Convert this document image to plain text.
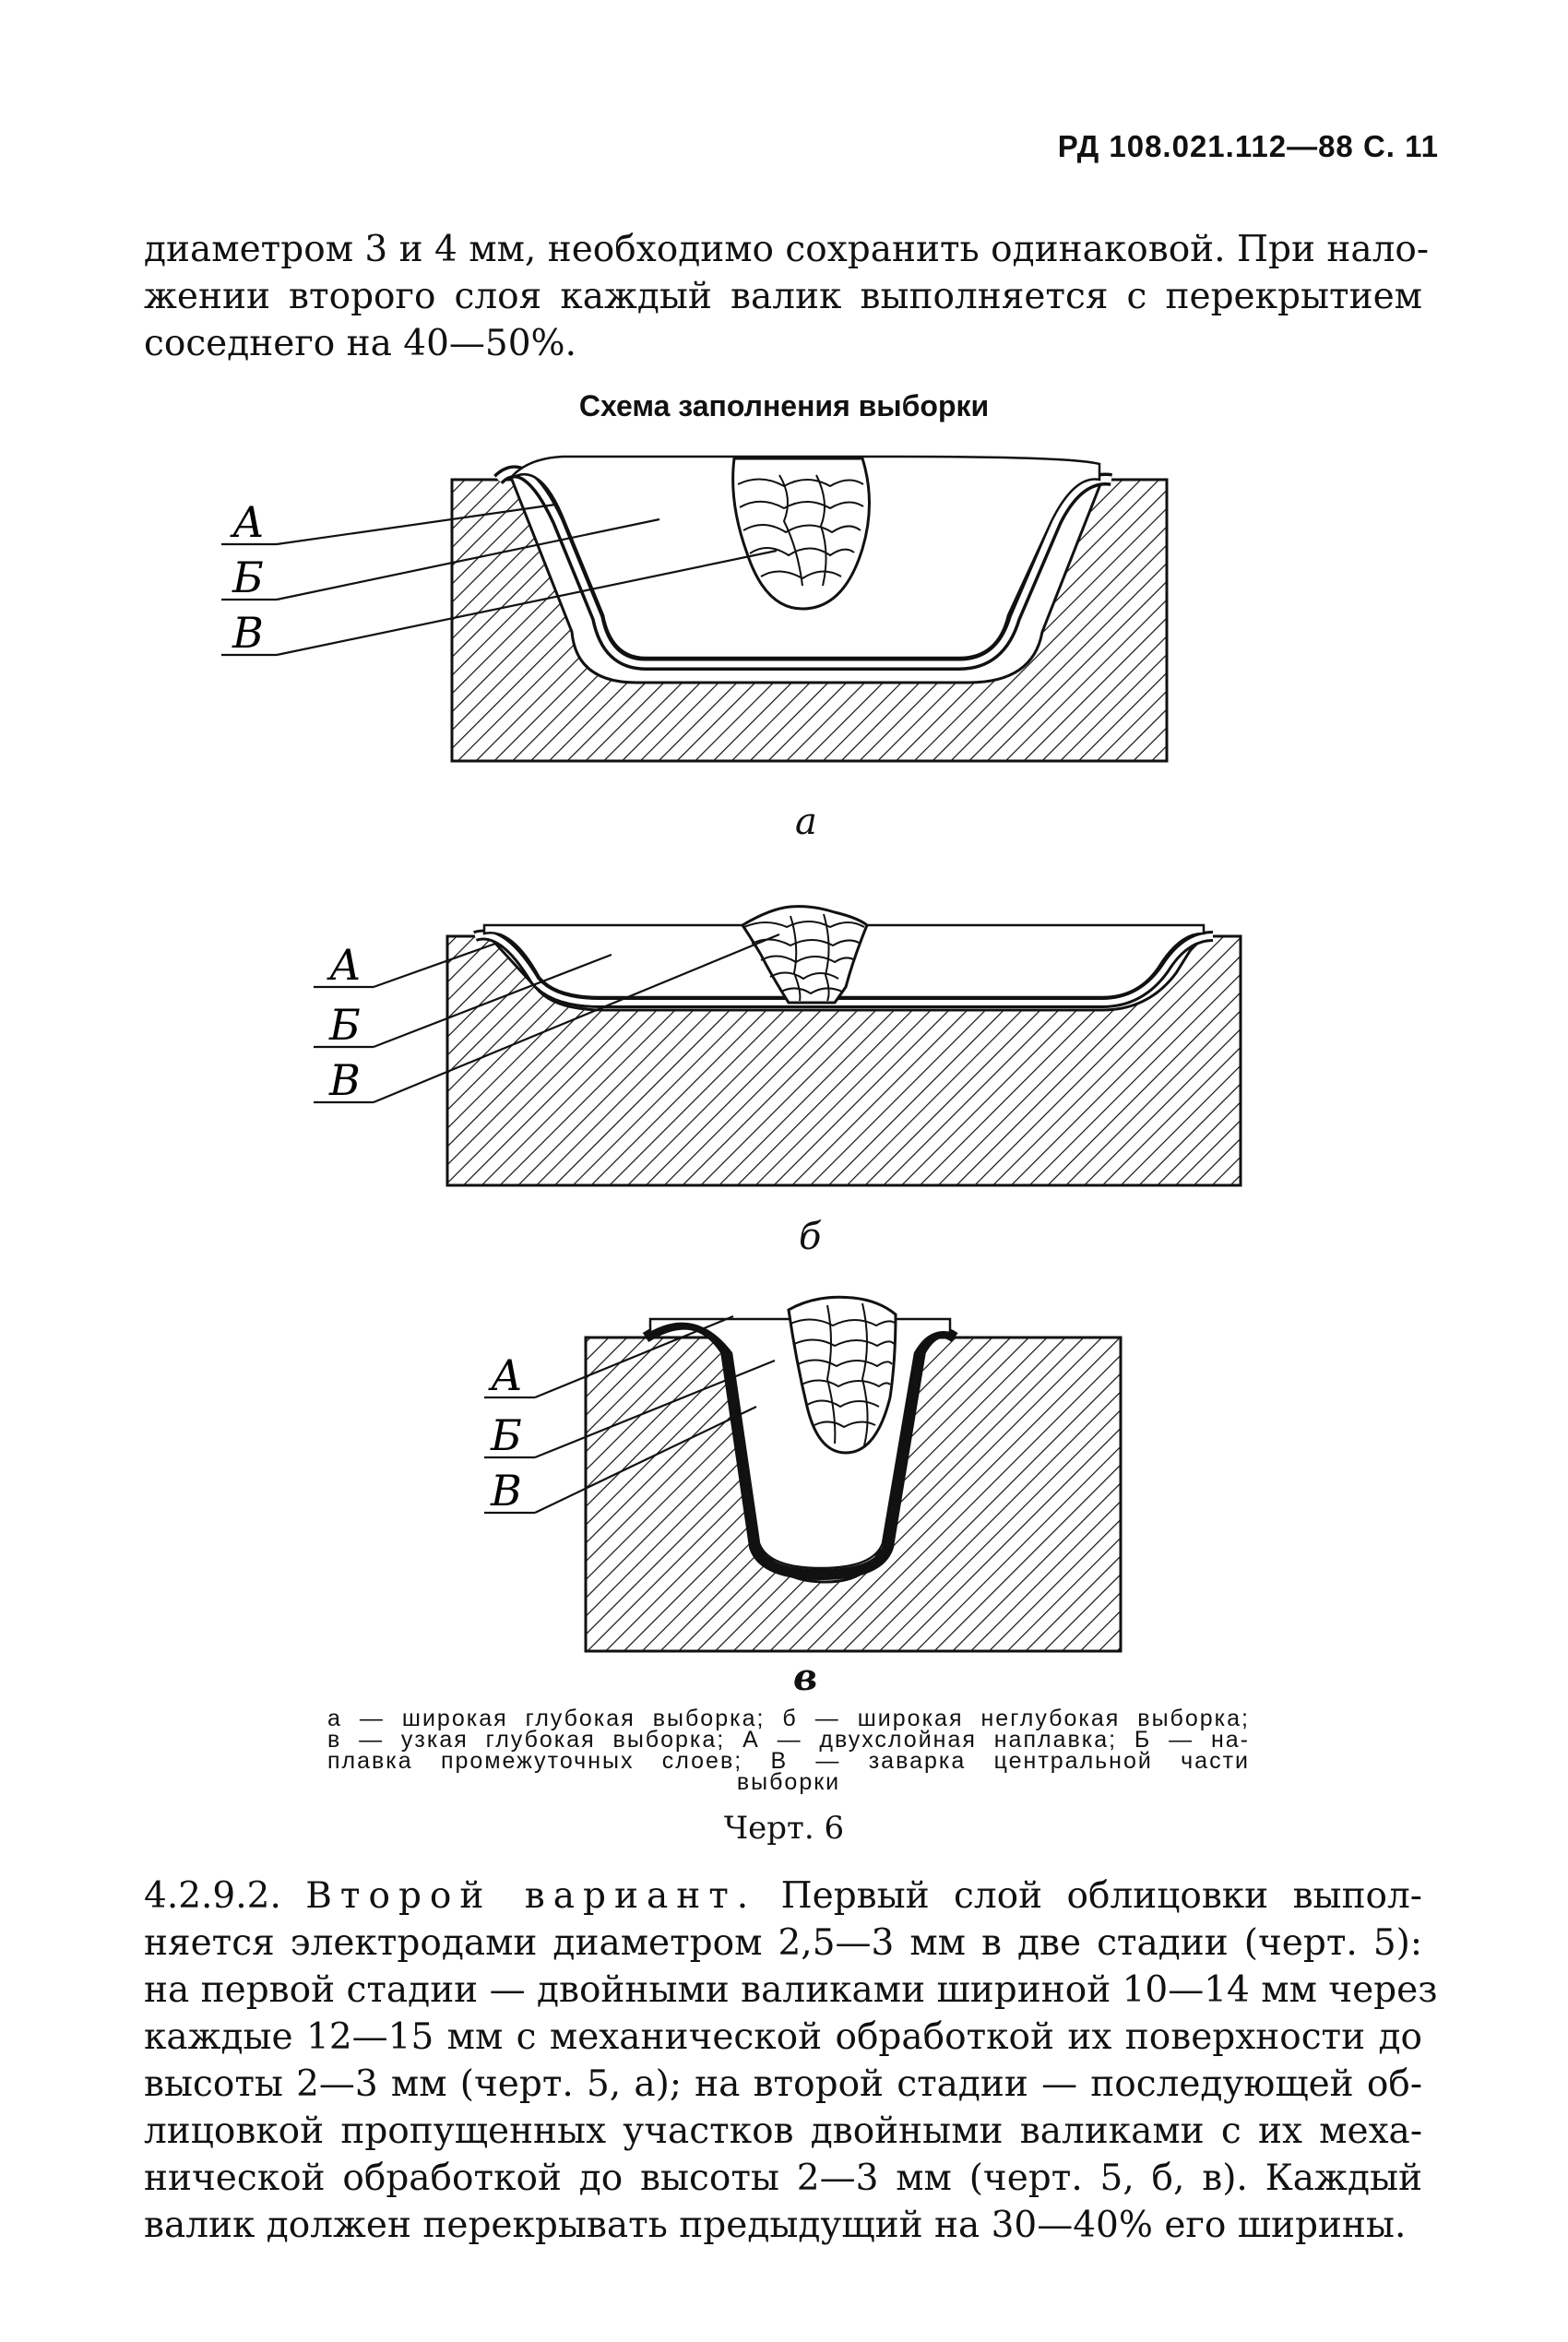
РД 108.021.112—88 С. 11
диаметром 3 и 4 мм, необходимо сохранить одинаковой. При нало-
жении второго слоя каждый валик выполняется с перекрытием
соседнего на 40—50%.
Схема заполнения выборки
А
Б
В
а
А
Б
В
б
А
Б
В
в
а — широкая глубокая выборка; б — широкая неглубокая выборка;
в — узкая глубокая выборка; А — двухслойная наплавка; Б — на-
плавка промежуточных слоев; В — заварка центральной части
выборки
Черт. 6
4.2.9.2. Второй вариант. Первый слой облицовки выпол-
няется электродами диаметром 2,5—3 мм в две стадии (черт. 5):
на первой стадии — двойными валиками шириной 10—14 мм через
каждые 12—15 мм с механической обработкой их поверхности до
высоты 2—3 мм (черт. 5, а); на второй стадии — последующей об-
лицовкой пропущенных участков двойными валиками с их меха-
нической обработкой до высоты 2—3 мм (черт. 5, б, в). Каждый
валик должен перекрывать предыдущий на 30—40% его ширины.
